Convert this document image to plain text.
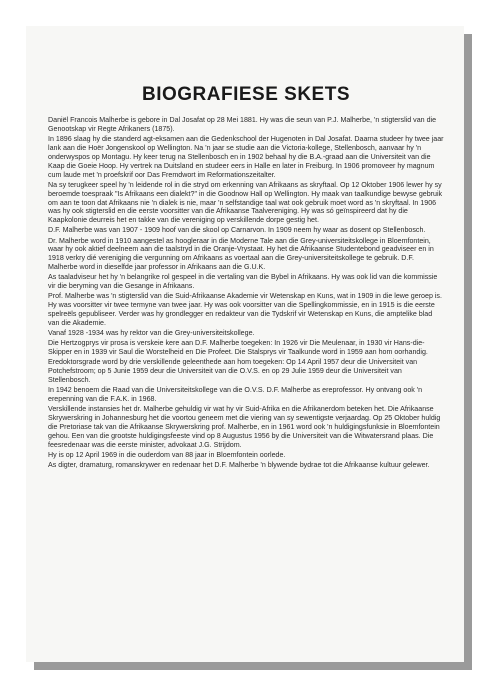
BIOGRAFIESE SKETS

Daniël Francois Malherbe is gebore in Dal Josafat op 28 Mei 1881. Hy was die seun van P.J. Malherbe, 'n stigterslid van die Genootskap vir Regte Afrikaners (1875).

In 1896 slaag hy die standerd agt-eksamen aan die Gedenkschool der Hugenoten in Dal Josafat. Daarna studeer hy twee jaar lank aan die Hoër Jongenskool op Wellington. Na 'n jaar se studie aan die Victoria-kollege, Stellenbosch, aanvaar hy 'n onderwyspos op Montagu. Hy keer terug na Stellenbosch en in 1902 behaal hy die B.A.-graad aan die Universiteit van die Kaap die Goeie Hoop. Hy vertrek na Duitsland en studeer eers in Halle en later in Freiburg. In 1906 promoveer hy magnum cum laude met 'n proefskrif oor Das Fremdwort im Reformationszeitalter.

Na sy terugkeer speel hy 'n leidende rol in die stryd om erkenning van Afrikaans as skryftaal. Op 12 Oktober 1906 lewer hy sy beroemde toespraak "Is Afrikaans een dialekt?" in die Goodnow Hall op Wellington. Hy maak van taalkundige bewyse gebruik om aan te toon dat Afrikaans nie 'n dialek is nie, maar 'n selfstandige taal wat ook gebruik moet word as 'n skryftaal. In 1906 was hy ook stigterslid en die eerste voorsitter van die Afrikaanse Taalvereniging. Hy was só geïnspireerd dat hy die Kaapkolonie deurreis het en takke van die vereniging op verskillende dorpe gestig het.

D.F. Malherbe was van 1907 - 1909 hoof van die skool op Carnarvon. In 1909 neem hy waar as dosent op Stellenbosch.

Dr. Malherbe word in 1910 aangestel as hoogleraar in die Moderne Tale aan die Grey-universiteitskollege in Bloemfontein, waar hy ook aktief deelneem aan die taalstryd in die Oranje-Vrystaat. Hy het die Afrikaanse Studentebond geadviseer en in 1918 verkry dié vereniging die vergunning om Afrikaans as voertaal aan die Grey-universiteitskollege te gebruik. D.F. Malherbe word in dieselfde jaar professor in Afrikaans aan die G.U.K.

As taaladviseur het hy 'n belangrike rol gespeel in die vertaling van die Bybel in Afrikaans. Hy was ook lid van die kommissie vir die beryming van die Gesange in Afrikaans.

Prof. Malherbe was 'n stigterslid van die Suid-Afrikaanse Akademie vir Wetenskap en Kuns, wat in 1909 in die lewe geroep is. Hy was voorsitter vir twee termyne van twee jaar. Hy was ook voorsitter van die Spellingkommissie, en in 1915 is die eerste spelreëls gepubliseer. Verder was hy grondlegger en redakteur van die Tydskrif vir Wetenskap en Kuns, die amptelike blad van die Akademie.

Vanaf 1928 -1934 was hy rektor van die Grey-universiteitskollege.

Die Hertzogprys vir prosa is verskeie kere aan D.F. Malherbe toegeken: In 1926 vir Die Meulenaar, in 1930 vir Hans-die-Skipper en in 1939 vir Saul die Worstelheid en Die Profeet. Die Stalsprys vir Taalkunde word in 1959 aan hom oorhandig.

Eredoktorsgrade word by drie verskillende geleenthede aan hom toegeken: Op 14 April 1957 deur die Universiteit van Potchefstroom; op 5 Junie 1959 deur die Universiteit van die O.V.S. en op 29 Julie 1959 deur die Universiteit van Stellenbosch.

In 1942 benoem die Raad van die Universiteitskollege van die O.V.S. D.F. Malherbe as ereprofessor. Hy ontvang ook 'n erepenning van die F.A.K. in 1968.

Verskillende instansies het dr. Malherbe gehuldig vir wat hy vir Suid-Afrika en die Afrikanerdom beteken het. Die Afrikaanse Skrywerskring in Johannesburg het die voortou geneem met die viering van sy sewentigste verjaardag. Op 25 Oktober huldig die Pretoriase tak van die Afrikaanse Skrywerskring prof. Malherbe, en in 1961 word ook 'n huldigingsfunksie in Bloemfontein gehou. Een van die grootste huldigingsfeeste vind op 8 Augustus 1956 by die Universiteit van die Witwatersrand plaas. Die feesredenaar was die eerste minister, advokaat J.G. Strijdom.

Hy is op 12 April 1969 in die ouderdom van 88 jaar in Bloemfontein oorlede.

As digter, dramaturg, romanskrywer en redenaar het D.F. Malherbe 'n blywende bydrae tot die Afrikaanse kultuur gelewer.
